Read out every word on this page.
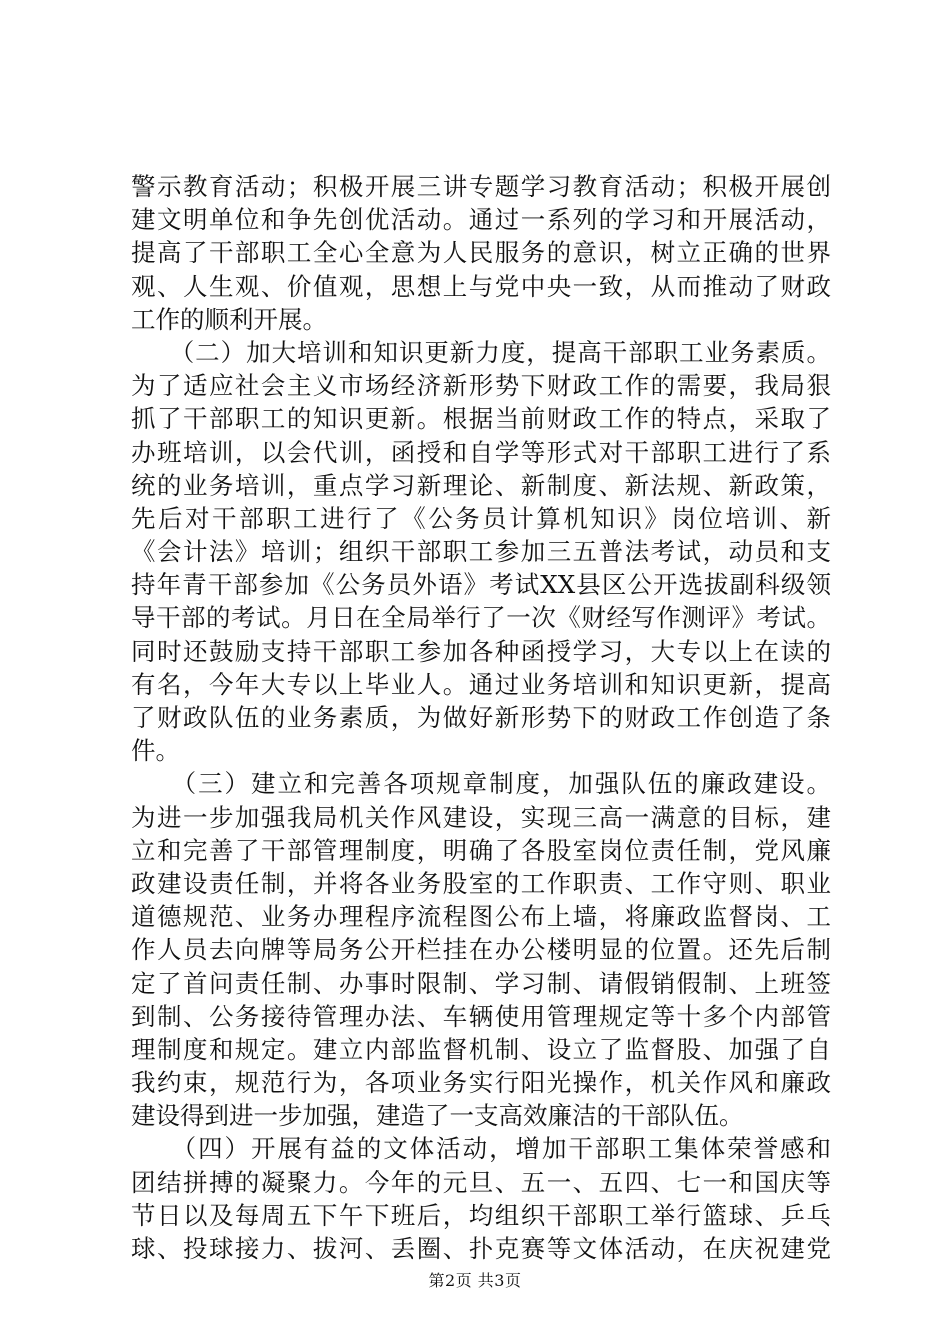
警示教育活动；积极开展三讲专题学习教育活动；积极开展创
建文明单位和争先创优活动。通过一系列的学习和开展活动，
提高了干部职工全心全意为人民服务的意识，树立正确的世界
观、人生观、价值观，思想上与党中央一致，从而推动了财政
工作的顺利开展。
　　（二）加大培训和知识更新力度，提高干部职工业务素质。
为了适应社会主义市场经济新形势下财政工作的需要，我局狠
抓了干部职工的知识更新。根据当前财政工作的特点，采取了
办班培训，以会代训，函授和自学等形式对干部职工进行了系
统的业务培训，重点学习新理论、新制度、新法规、新政策，
先后对干部职工进行了《公务员计算机知识》岗位培训、新
《会计法》培训；组织干部职工参加三五普法考试，动员和支
持年青干部参加《公务员外语》考试XX县区公开选拔副科级领
导干部的考试。月日在全局举行了一次《财经写作测评》考试。
同时还鼓励支持干部职工参加各种函授学习，大专以上在读的
有名，今年大专以上毕业人。通过业务培训和知识更新，提高
了财政队伍的业务素质，为做好新形势下的财政工作创造了条
件。
　　（三）建立和完善各项规章制度，加强队伍的廉政建设。
为进一步加强我局机关作风建设，实现三高一满意的目标，建
立和完善了干部管理制度，明确了各股室岗位责任制，党风廉
政建设责任制，并将各业务股室的工作职责、工作守则、职业
道德规范、业务办理程序流程图公布上墙，将廉政监督岗、工
作人员去向牌等局务公开栏挂在办公楼明显的位置。还先后制
定了首问责任制、办事时限制、学习制、请假销假制、上班签
到制、公务接待管理办法、车辆使用管理规定等十多个内部管
理制度和规定。建立内部监督机制、设立了监督股、加强了自
我约束，规范行为，各项业务实行阳光操作，机关作风和廉政
建设得到进一步加强，建造了一支高效廉洁的干部队伍。
　　（四）开展有益的文体活动，增加干部职工集体荣誉感和
团结拼搏的凝聚力。今年的元旦、五一、五四、七一和国庆等
节日以及每周五下午下班后，均组织干部职工举行篮球、乒乓
球、投球接力、拔河、丢圈、扑克赛等文体活动，在庆祝建党
第2页 共3页
